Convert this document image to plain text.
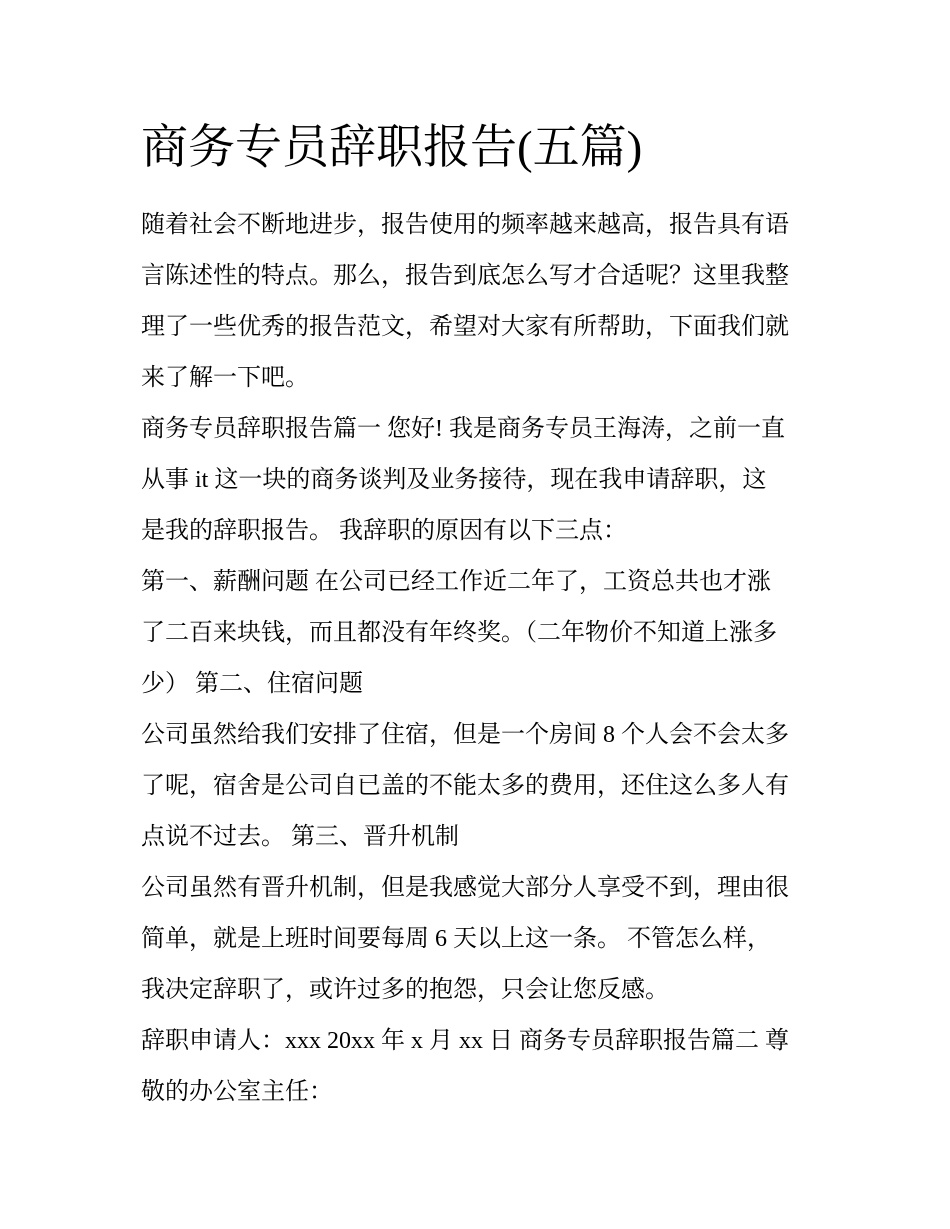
商务专员辞职报告(五篇)
随着社会不断地进步，报告使用的频率越来越高，报告具有语
言陈述性的特点。那么，报告到底怎么写才合适呢？这里我整
理了一些优秀的报告范文，希望对大家有所帮助，下面我们就
来了解一下吧。
商务专员辞职报告篇一 您好! 我是商务专员王海涛，之前一直
从事 it 这一块的商务谈判及业务接待，现在我申请辞职，这
是我的辞职报告。 我辞职的原因有以下三点：
第一、薪酬问题 在公司已经工作近二年了，工资总共也才涨
了二百来块钱，而且都没有年终奖。（二年物价不知道上涨多
少） 第二、住宿问题
公司虽然给我们安排了住宿，但是一个房间 8 个人会不会太多
了呢，宿舍是公司自已盖的不能太多的费用，还住这么多人有
点说不过去。 第三、晋升机制
公司虽然有晋升机制，但是我感觉大部分人享受不到，理由很
简单，就是上班时间要每周 6 天以上这一条。 不管怎么样，
我决定辞职了，或许过多的抱怨，只会让您反感。
辞职申请人：xxx 20xx 年 x 月 xx 日 商务专员辞职报告篇二 尊
敬的办公室主任：
